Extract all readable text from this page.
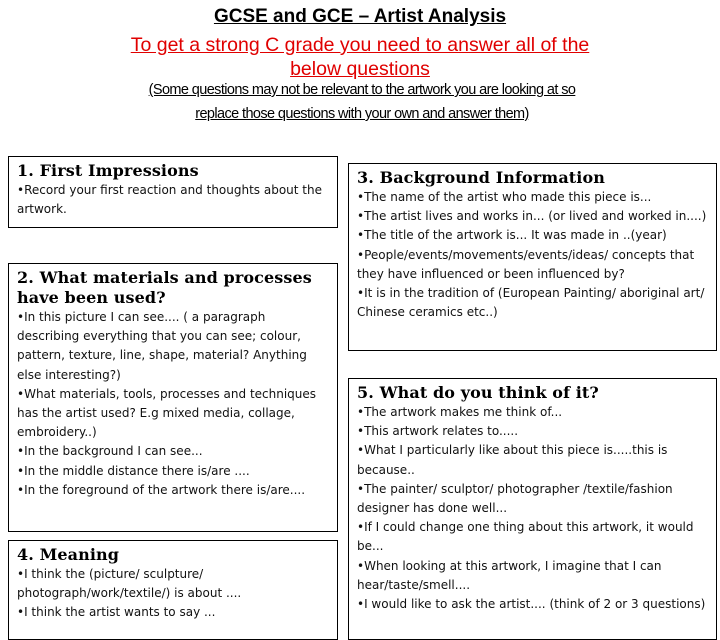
GCSE and GCE – Artist Analysis
To get a strong C grade you need to answer all of the
below questions
(Some questions may not be relevant to the artwork you are looking at so
replace those questions with your own and answer them)
1. First Impressions
• Record your first reaction and thoughts about the artwork.
2. What materials and processes have been used?
• In this picture I can see.... ( a paragraph describing everything that you can see; colour, pattern, texture, line, shape, material? Anything else interesting?)
• What materials, tools, processes and techniques has the artist used? E.g mixed media, collage, embroidery..)
• In the background I can see...
• In the middle distance there is/are ....
• In the foreground of the artwork there is/are....
3. Background Information
• The name of the artist who made this piece is...
• The artist lives and works in... (or lived and worked in....)
• The title of the artwork is... It was made in ..(year)
• People/events/movements/events/ideas/ concepts that they have influenced or been influenced by?
• It is in the tradition of (European Painting/ aboriginal art/ Chinese ceramics etc..)
4. Meaning
• I think the (picture/ sculpture/ photograph/work/textile/) is about ....
• I think the artist wants to say ...
5. What do you think of it?
• The artwork makes me think of...
• This artwork relates to.....
• What I particularly like about this piece is.....this is because..
• The painter/ sculptor/ photographer /textile/fashion designer has done well...
• If I could change one thing about this artwork, it would be...
• When looking at this artwork, I imagine that I can hear/taste/smell....
• I would like to ask the artist.... (think of 2 or 3 questions)
